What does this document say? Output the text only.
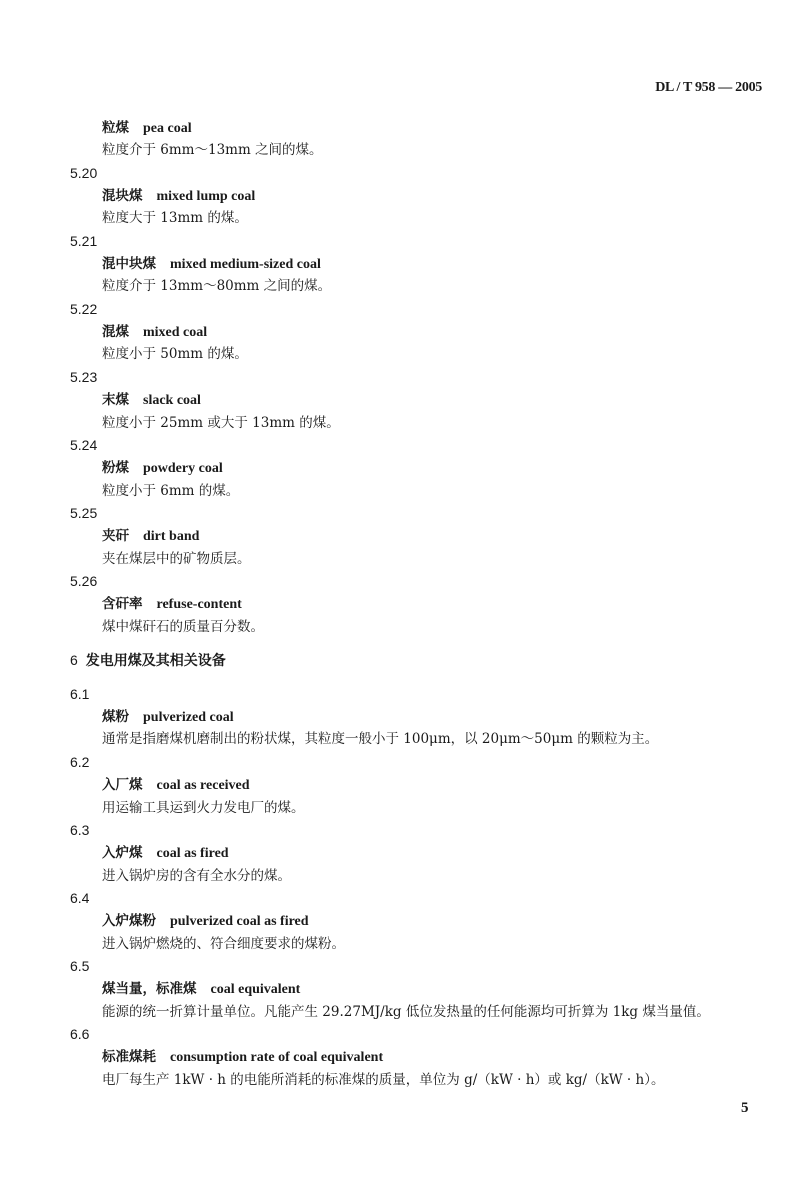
DL / T 958 — 2005
粒煤 pea coal
粒度介于 6mm～13mm 之间的煤。
5.20
混块煤 mixed lump coal
粒度大于 13mm 的煤。
5.21
混中块煤 mixed medium-sized coal
粒度介于 13mm～80mm 之间的煤。
5.22
混煤 mixed coal
粒度小于 50mm 的煤。
5.23
末煤 slack coal
粒度小于 25mm 或大于 13mm 的煤。
5.24
粉煤 powdery coal
粒度小于 6mm 的煤。
5.25
夹矸 dirt band
夹在煤层中的矿物质层。
5.26
含矸率 refuse-content
煤中煤矸石的质量百分数。
6 发电用煤及其相关设备
6.1
煤粉 pulverized coal
通常是指磨煤机磨制出的粉状煤，其粒度一般小于 100μm，以 20μm～50μm 的颗粒为主。
6.2
入厂煤 coal as received
用运输工具运到火力发电厂的煤。
6.3
入炉煤 coal as fired
进入锅炉房的含有全水分的煤。
6.4
入炉煤粉 pulverized coal as fired
进入锅炉燃烧的、符合细度要求的煤粉。
6.5
煤当量，标准煤 coal equivalent
能源的统一折算计量单位。凡能产生 29.27MJ/kg 低位发热量的任何能源均可折算为 1kg 煤当量值。
6.6
标准煤耗 consumption rate of coal equivalent
电厂每生产 1kW · h 的电能所消耗的标准煤的质量，单位为 g/（kW · h）或 kg/（kW · h）。
5
